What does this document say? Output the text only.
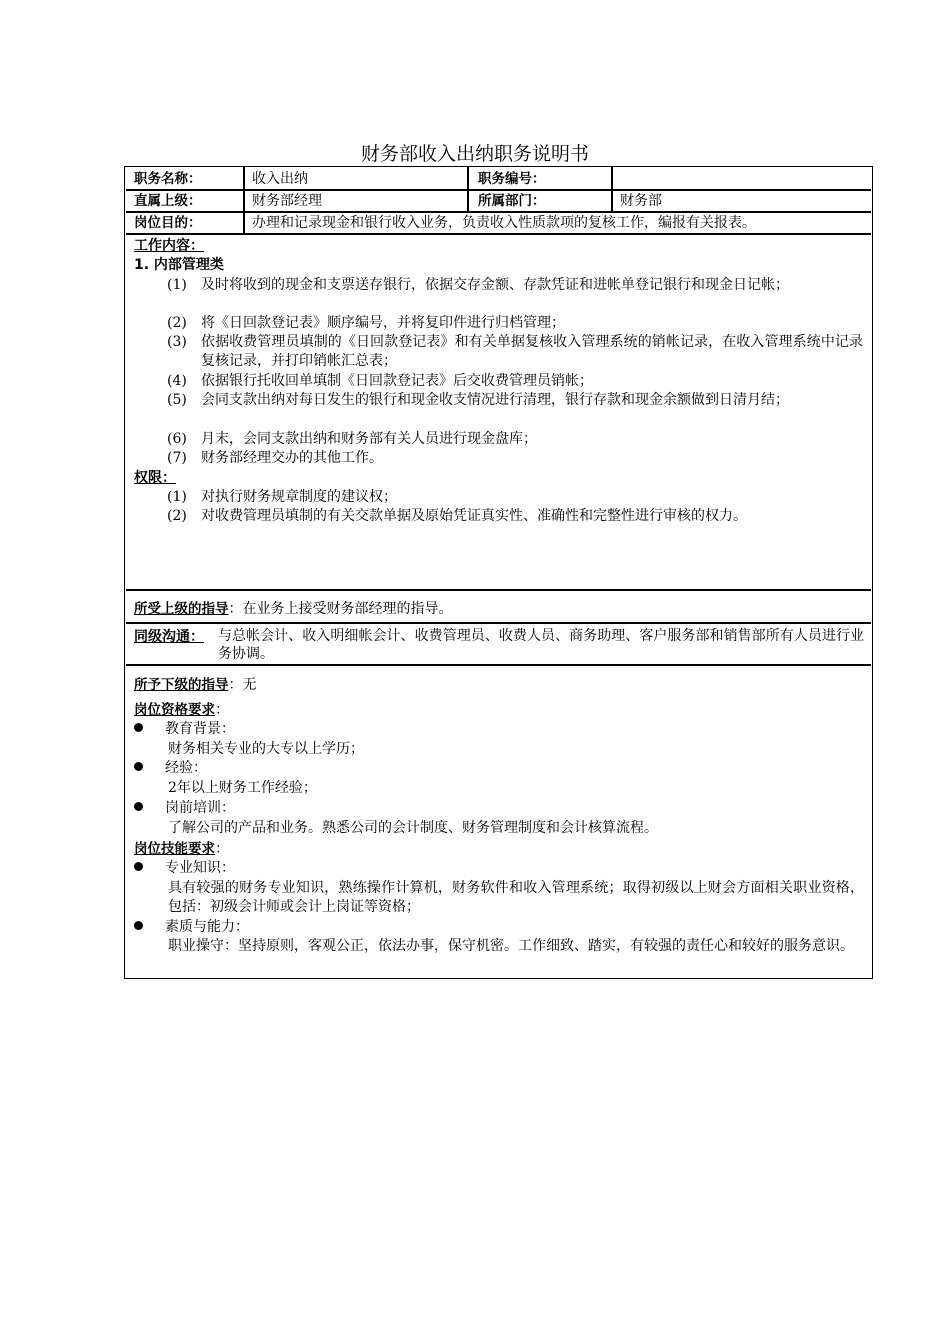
财务部收入出纳职务说明书
职务名称：	收入出纳	职务编号：
直属上级：	财务部经理	所属部门：	财务部
岗位目的：	办理和记录现金和银行收入业务，负责收入性质款项的复核工作，编报有关报表。
工作内容：
1. 内部管理类
(1) 及时将收到的现金和支票送存银行，依据交存金额、存款凭证和进帐单登记银行和现金日记帐；
(2) 将《日回款登记表》顺序编号，并将复印件进行归档管理；
(3) 依据收费管理员填制的《日回款登记表》和有关单据复核收入管理系统的销帐记录，在收入管理系统中记录复核记录，并打印销帐汇总表；
(4) 依据银行托收回单填制《日回款登记表》后交收费管理员销帐；
(5) 会同支款出纳对每日发生的银行和现金收支情况进行清理，银行存款和现金余额做到日清月结；
(6) 月末，会同支款出纳和财务部有关人员进行现金盘库；
(7) 财务部经理交办的其他工作。
权限：
(1) 对执行财务规章制度的建议权；
(2) 对收费管理员填制的有关交款单据及原始凭证真实性、准确性和完整性进行审核的权力。
所受上级的指导：在业务上接受财务部经理的指导。
同级沟通： 与总帐会计、收入明细帐会计、收费管理员、收费人员、商务助理、客户服务部和销售部所有人员进行业务协调。
所予下级的指导：无
岗位资格要求：
教育背景：
财务相关专业的大专以上学历；
经验：
2年以上财务工作经验；
岗前培训：
了解公司的产品和业务。熟悉公司的会计制度、财务管理制度和会计核算流程。
岗位技能要求：
专业知识：
具有较强的财务专业知识，熟练操作计算机，财务软件和收入管理系统；取得初级以上财会方面相关职业资格，包括：初级会计师或会计上岗证等资格；
素质与能力：
职业操守：坚持原则，客观公正，依法办事，保守机密。工作细致、踏实，有较强的责任心和较好的服务意识。
